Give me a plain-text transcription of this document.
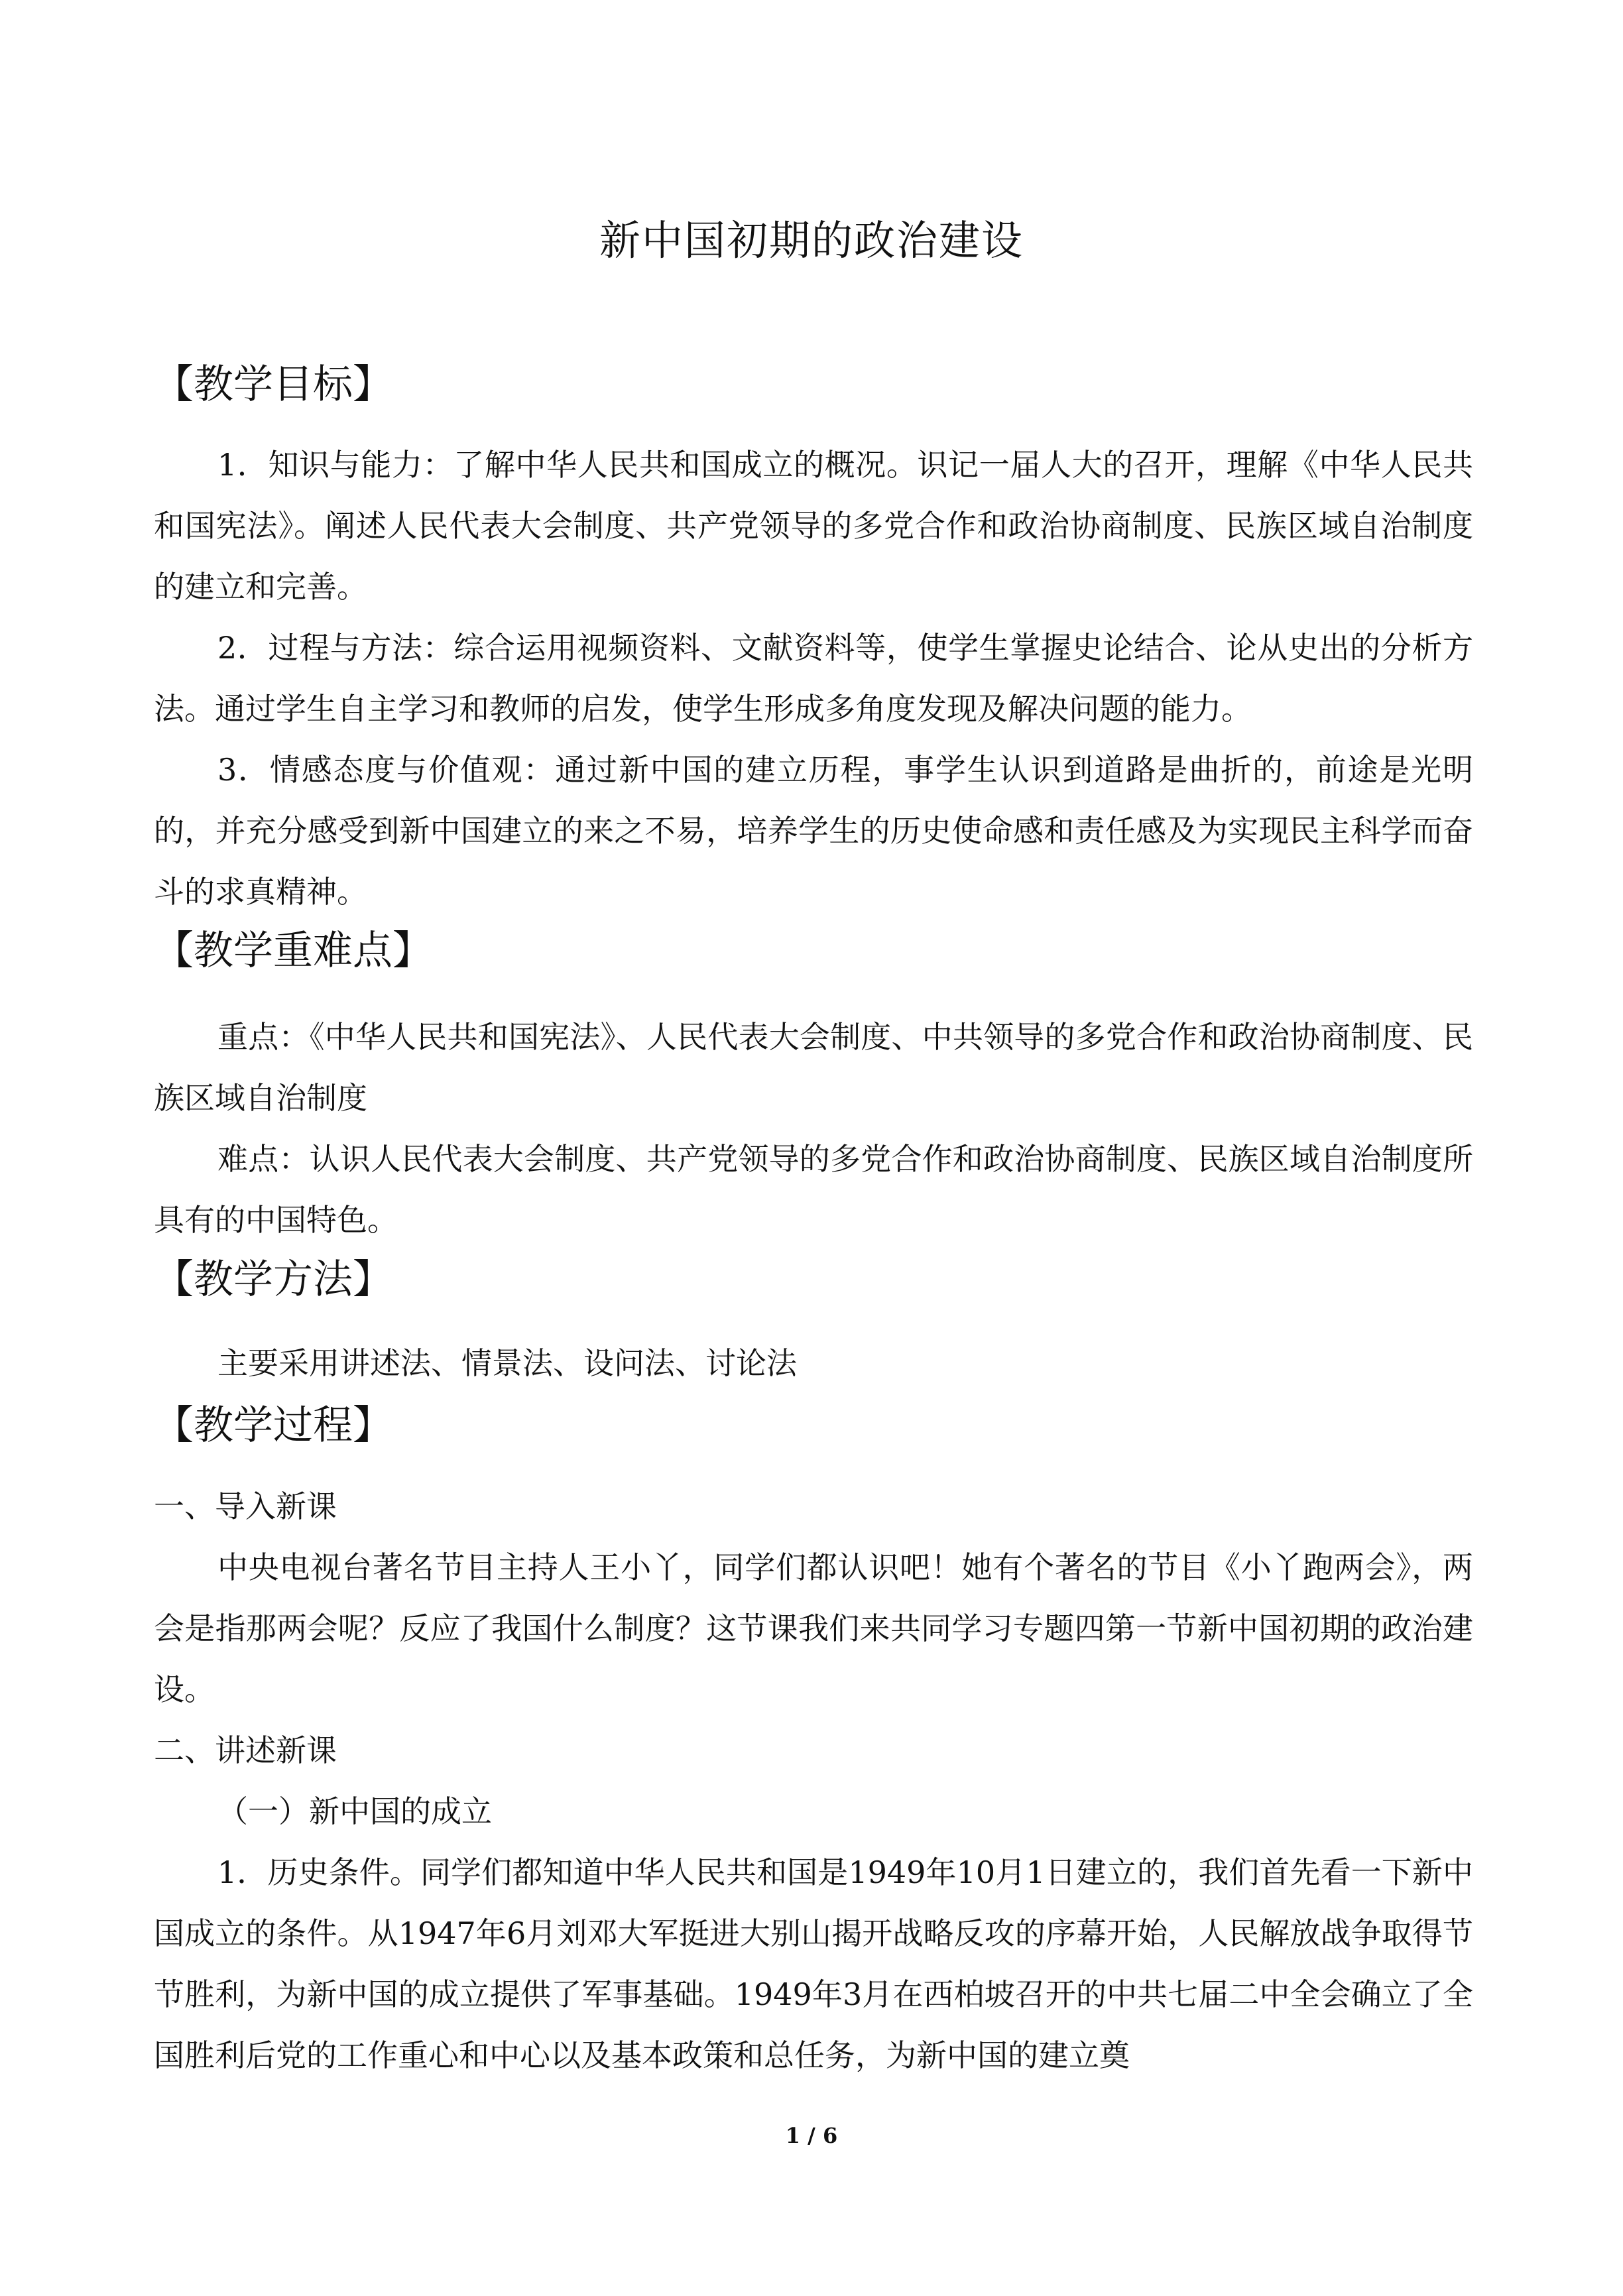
新中国初期的政治建设
【教学目标】
1．知识与能力：了解中华人民共和国成立的概况。识记一届人大的召开，理解《中华人民共和国宪法》。阐述人民代表大会制度、共产党领导的多党合作和政治协商制度、民族区域自治制度的建立和完善。
2．过程与方法：综合运用视频资料、文献资料等，使学生掌握史论结合、论从史出的分析方法。通过学生自主学习和教师的启发，使学生形成多角度发现及解决问题的能力。
3．情感态度与价值观：通过新中国的建立历程，事学生认识到道路是曲折的，前途是光明的，并充分感受到新中国建立的来之不易，培养学生的历史使命感和责任感及为实现民主科学而奋斗的求真精神。
【教学重难点】
重点：《中华人民共和国宪法》、人民代表大会制度、中共领导的多党合作和政治协商制度、民族区域自治制度
难点：认识人民代表大会制度、共产党领导的多党合作和政治协商制度、民族区域自治制度所具有的中国特色。
【教学方法】
主要采用讲述法、情景法、设问法、讨论法
【教学过程】
一、导入新课
中央电视台著名节目主持人王小丫，同学们都认识吧！她有个著名的节目《小丫跑两会》，两会是指那两会呢？反应了我国什么制度？这节课我们来共同学习专题四第一节新中国初期的政治建设。
二、讲述新课
（一）新中国的成立
1．历史条件。同学们都知道中华人民共和国是1949年10月1日建立的，我们首先看一下新中国成立的条件。从1947年6月刘邓大军挺进大别山揭开战略反攻的序幕开始，人民解放战争取得节节胜利，为新中国的成立提供了军事基础。1949年3月在西柏坡召开的中共七届二中全会确立了全国胜利后党的工作重心和中心以及基本政策和总任务，为新中国的建立奠
1 / 6
